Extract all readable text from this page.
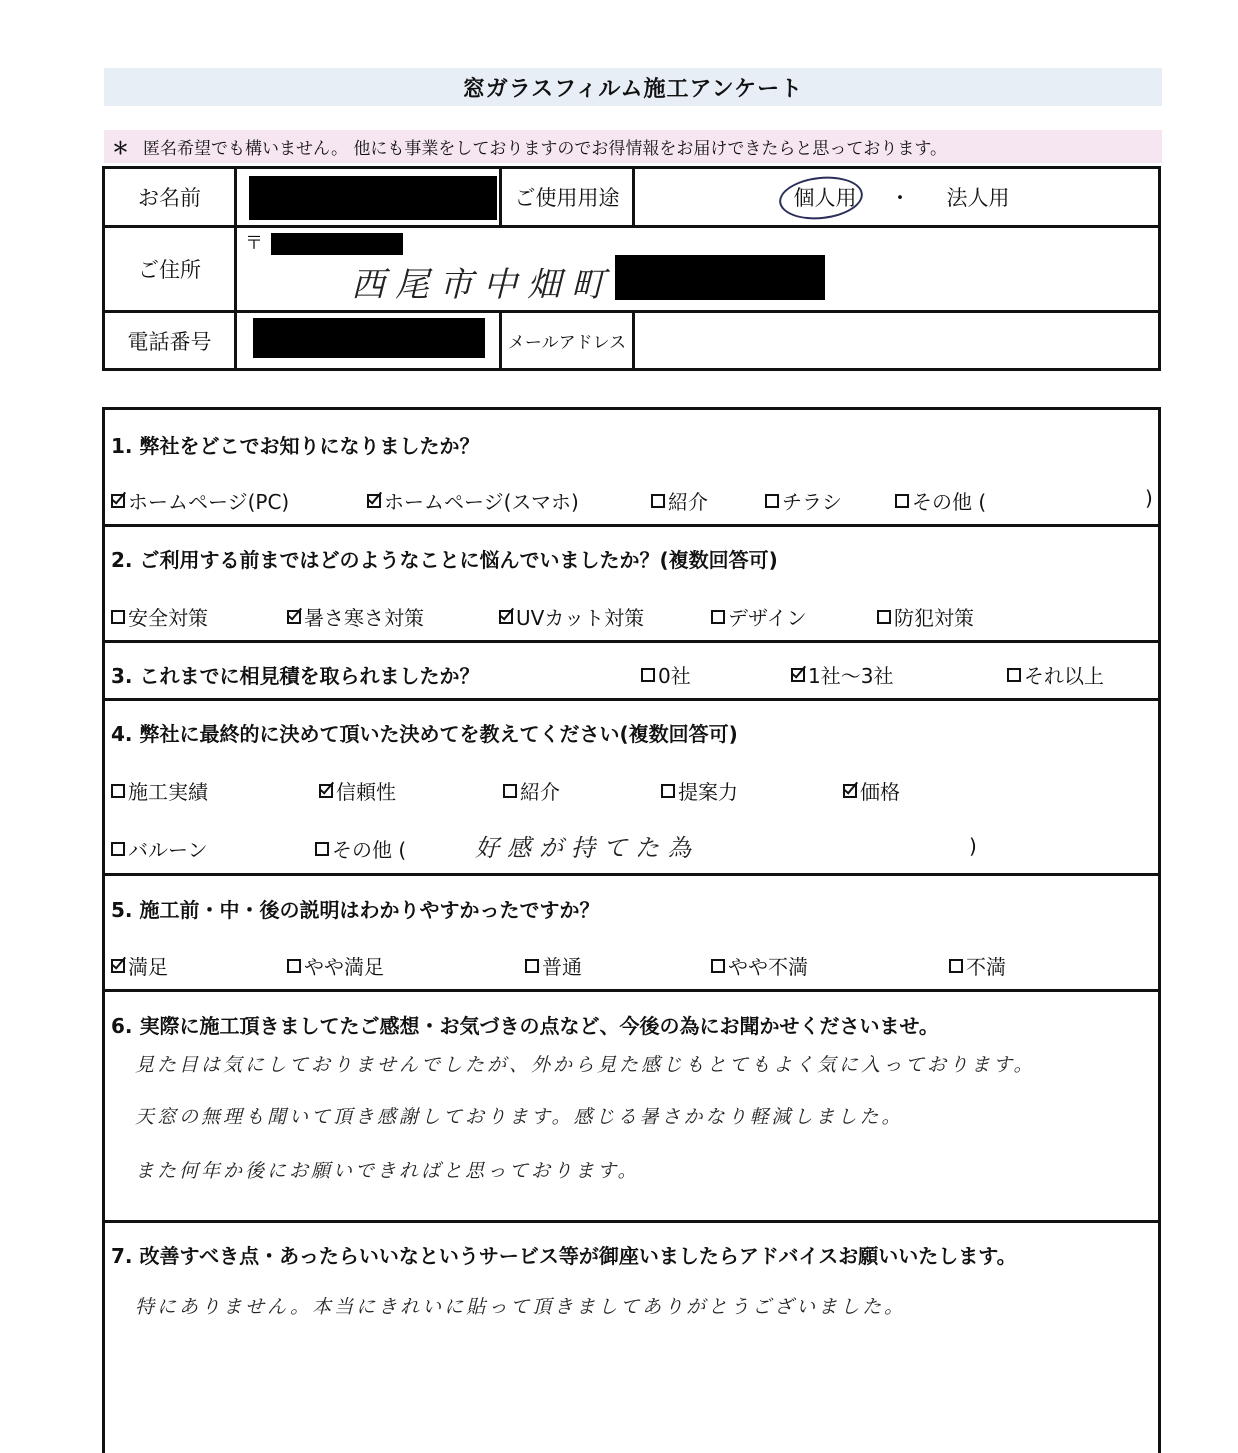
窓ガラスフィルム施工アンケート
＊ 匿名希望でも構いません。 他にも事業をしておりますのでお得情報をお届けできたらと思っております。
お名前	ご使用用途	個人用	・	法人用
ご住所
〒
西尾市中畑町
電話番号	メールアドレス
1. 弊社をどこでお知りになりましたか？
ホームページ(PC)	ホームページ(スマホ)	紹介	チラシ	その他 (	)
2. ご利用する前まではどのようなことに悩んでいましたか？(複数回答可)
安全対策	暑さ寒さ対策	UVカット対策	デザイン	防犯対策
3. これまでに相見積を取られましたか？	0社	1社～3社	それ以上
4. 弊社に最終的に決めて頂いた決めてを教えてください(複数回答可)
施工実績	信頼性	紹介	提案力	価格
バルーン	その他 (	好感が持てた為	)
5. 施工前・中・後の説明はわかりやすかったですか？
満足	やや満足	普通	やや不満	不満
6. 実際に施工頂きましてたご感想・お気づきの点など、今後の為にお聞かせくださいませ。
見た目は気にしておりませんでしたが、外から見た感じもとてもよく気に入っております。
天窓の無理も聞いて頂き感謝しております。感じる暑さかなり軽減しました。
また何年か後にお願いできればと思っております。
7. 改善すべき点・あったらいいなというサービス等が御座いましたらアドバイスお願いいたします。
特にありません。本当にきれいに貼って頂きましてありがとうございました。
